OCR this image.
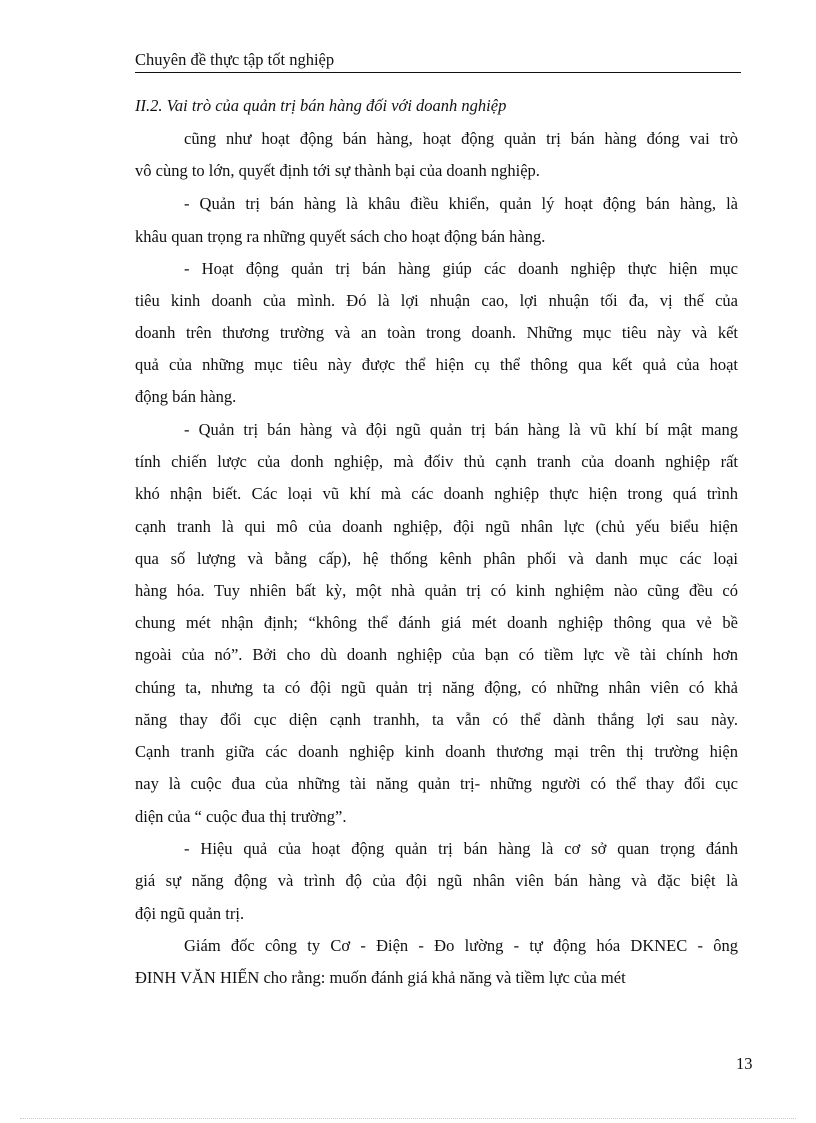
Chuyên đề thực tập tốt nghiệp
II.2. Vai trò của quản trị bán hàng đối với doanh nghiệp
cũng như hoạt động bán hàng, hoạt động quản trị bán hàng đóng vai trò
vô cùng to lớn, quyết định tới sự thành bại của doanh nghiệp.
- Quản trị bán hàng là khâu điều khiển, quản lý hoạt động bán hàng, là
khâu quan trọng ra những quyết sách cho hoạt động bán hàng.
- Hoạt động quản trị bán hàng giúp các doanh nghiệp thực hiện mục
tiêu kinh doanh của mình. Đó là lợi nhuận cao, lợi nhuận tối đa, vị thế của
doanh trên thương trường và an toàn trong doanh. Những mục tiêu này và kết
quả của những mục tiêu này được thể hiện cụ thể thông qua kết quả của hoạt
động bán hàng.
- Quản trị bán hàng và đội ngũ quản trị bán hàng là vũ khí bí mật mang
tính chiến lược của donh nghiệp, mà đốiv thủ cạnh tranh của doanh nghiệp rất
khó nhận biết. Các loại vũ khí mà các doanh nghiệp thực hiện trong quá trình
cạnh tranh là qui mô của doanh nghiệp, đội ngũ nhân lực (chủ yếu biểu hiện
qua số lượng và bằng cấp), hệ thống kênh phân phối và danh mục các loại
hàng hóa. Tuy nhiên bất kỳ, một nhà quản trị có kinh nghiệm nào cũng đều có
chung mét nhận định; “không thể đánh giá mét doanh nghiệp thông qua vẻ bề
ngoài của nó”. Bởi cho dù doanh nghiệp của bạn có tiềm lực về tài chính hơn
chúng ta, nhưng ta có đội ngũ quản trị năng động, có những nhân viên có khả
năng thay đổi cục diện cạnh tranhh, ta vẫn có thể dành thắng lợi sau này.
Cạnh tranh giữa các doanh nghiệp kinh doanh thương mại trên thị trường hiện
nay là cuộc đua của những tài năng quản trị- những người có thể thay đổi cục
diện của “ cuộc đua thị trường”.
- Hiệu quả của hoạt động quản trị bán hàng là cơ sở quan trọng đánh
giá sự năng động và trình độ của đội ngũ nhân viên bán hàng và đặc biệt là
đội ngũ quản trị.
Giám đốc công ty Cơ - Điện - Đo lường - tự động hóa DKNEC - ông
ĐINH VĂN HIẾN cho rằng: muốn đánh giá khả năng và tiềm lực của mét
13
